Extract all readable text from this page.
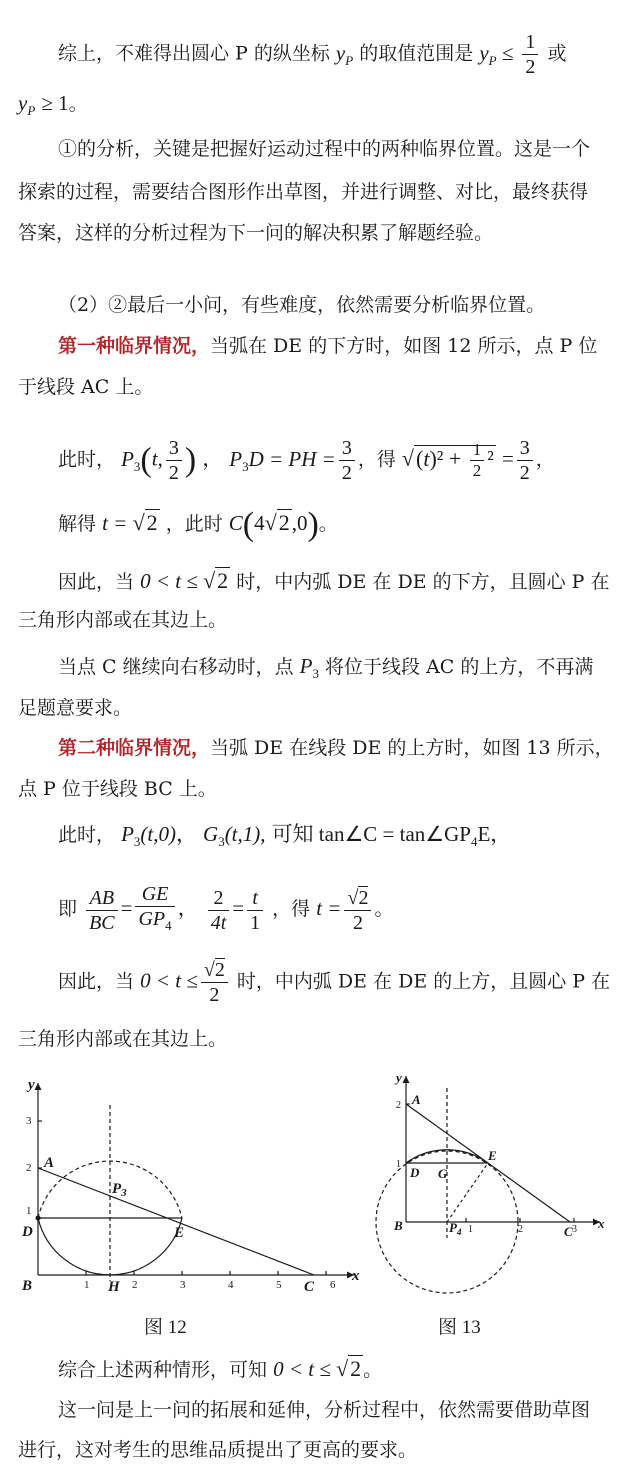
综上，不难得出圆心 P 的纵坐标 $y_P$ 的取值范围是 $y_P \le \frac{1}{2}$ 或
$y_P \ge 1$。
①的分析，关键是把握好运动过程中的两种临界位置。这是一个
探索的过程，需要结合图形作出草图，并进行调整、对比，最终获得
答案，这样的分析过程为下一问的解决积累了解题经验。
（2）②最后一小问，有些难度，依然需要分析临界位置。
第一种临界情况，当弧在 DE 的下方时，如图 12 所示，点 P 位
于线段 AC 上。
此时， $P_3(t$, $\frac{3}{2}$ ) ， $P_3D$ = PH = $\frac{3}{2}$ ，得 $√(t)^2 + \frac{1}{2} ^2 = \frac{3}{2}$ ，
解得 t = √2 ，此时 C(4√2,0)。
因此，当 0 < t ≤ √2 时，中内弧 DE 在 DE 的下方，且圆心 P 在
三角形内部或在其边上。
当点 C 继续向右移动时，点 $P_3$ 将位于线段 AC 的上方，不再满
足题意要求。
第二种临界情况，当弧 DE 在线段 DE 的上方时，如图 13 所示，
点 P 位于线段 BC 上。
此时， $P_3(t,0)$， $G_3(t,1)$, 可知 tan∠C = $\tan\angle GP_4E$，
即 $\frac{AB}{BC} = \frac{GE}{GP_4}$ ， $\frac{2}{4t} = \frac{t}{1}$ ，得 $t = \frac{√2}{2}$ 。
因此，当 $0 < t \le \frac{√2}{2}$ 时，中内弧 DE 在 DE 的上方，且圆心 P 在
三角形内部或在其边上。
3
2
1
1	2	3	4	5	6
y
x
A
$P_3$
D	E
B	H	C
图 12
2
1
1	2	3
y
x
A
E
D G
B	$P_4$	C
图 13
综合上述两种情形，可知 0 < t ≤ √2 。
这一问是上一问的拓展和延伸，分析过程中，依然需要借助草图
进行，这对考生的思维品质提出了更高的要求。
